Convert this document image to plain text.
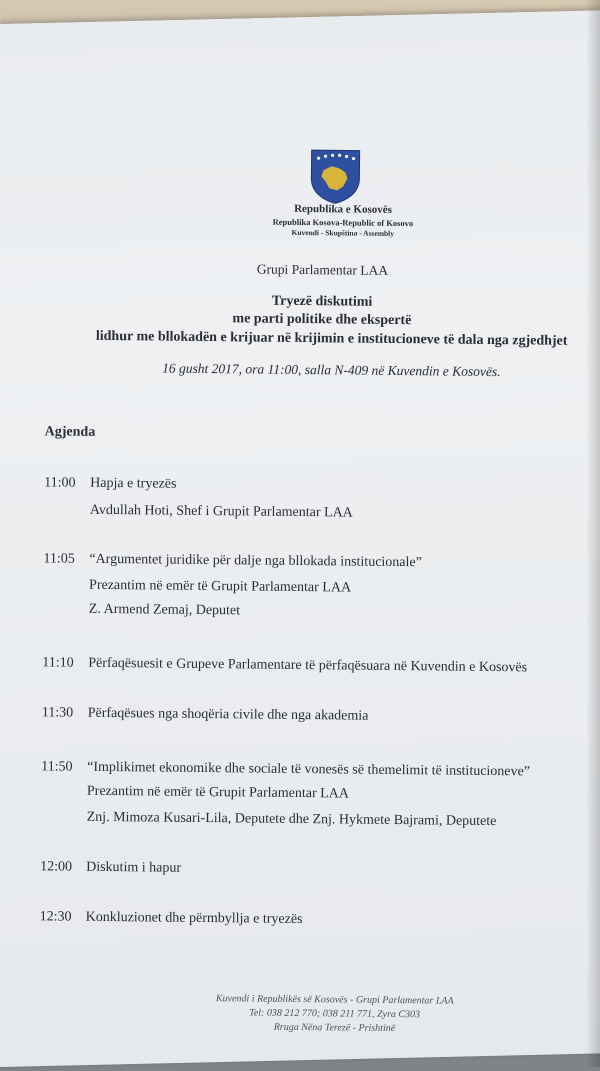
Republika e Kosovës
Republika Kosova-Republic of Kosovo
Kuvendi - Skupština - Assembly
Grupi Parlamentar LAA
Tryezë diskutimi
me parti politike dhe ekspertë
lidhur me bllokadën e krijuar në krijimin e institucioneve të dala nga zgjedhjet
16 gusht 2017, ora 11:00, salla N-409 në Kuvendin e Kosovës.
Agjenda
11:00 Hapja e tryezës
Avdullah Hoti, Shef i Grupit Parlamentar LAA
11:05 “Argumentet juridike për dalje nga bllokada institucionale”
Prezantim në emër të Grupit Parlamentar LAA
Z. Armend Zemaj, Deputet
11:10 Përfaqësuesit e Grupeve Parlamentare të përfaqësuara në Kuvendin e Kosovës
11:30 Përfaqësues nga shoqëria civile dhe nga akademia
11:50 “Implikimet ekonomike dhe sociale të vonesës së themelimit të institucioneve”
Prezantim në emër të Grupit Parlamentar LAA
Znj. Mimoza Kusari-Lila, Deputete dhe Znj. Hykmete Bajrami, Deputete
12:00 Diskutim i hapur
12:30 Konkluzionet dhe përmbyllja e tryezës
Kuvendi i Republikës së Kosovës - Grupi Parlamentar LAA
Tel: 038 212 770; 038 211 771, Zyra C303
Rruga Nëna Terezë - Prishtinë
